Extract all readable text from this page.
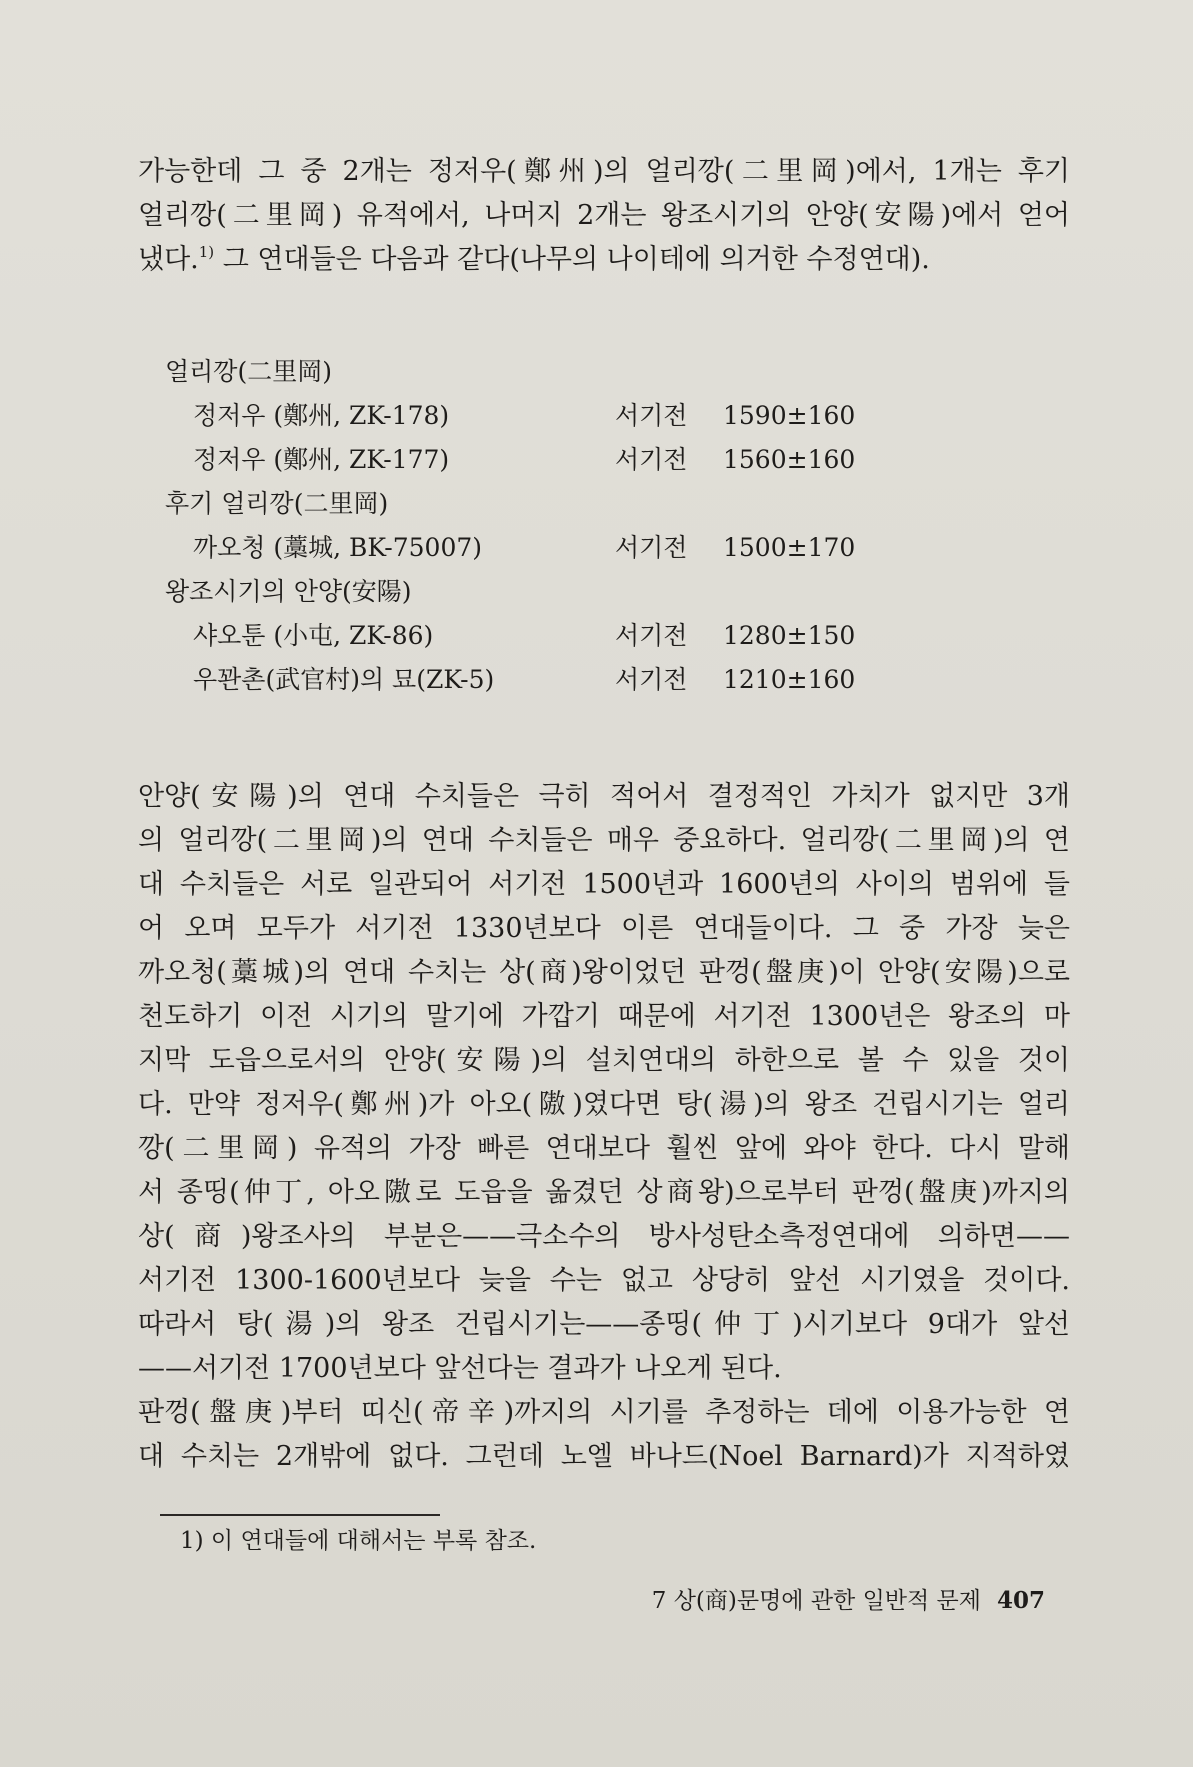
가능한데 그 중 2개는 정저우(鄭州)의 얼리깡(二里岡)에서, 1개는 후기
얼리깡(二里岡) 유적에서, 나머지 2개는 왕조시기의 안양(安陽)에서 얻어
냈다.$^{1)}$ 그 연대들은 다음과 같다(나무의 나이테에 의거한 수정연대).
얼리깡(二里岡)
정저우 (鄭州, ZK-178)	서기전 1590±160
정저우 (鄭州, ZK-177)	서기전 1560±160
후기 얼리깡(二里岡)
까오청 (藁城, BK-75007)	서기전 1500±170
왕조시기의 안양(安陽)
샤오툰 (小屯, ZK-86)	서기전 1280±150
우꽌촌(武官村)의 묘(ZK-5)	서기전 1210±160
안양(安陽)의 연대 수치들은 극히 적어서 결정적인 가치가 없지만 3개
의 얼리깡(二里岡)의 연대 수치들은 매우 중요하다. 얼리깡(二里岡)의 연
대 수치들은 서로 일관되어 서기전 1500년과 1600년의 사이의 범위에 들
어 오며 모두가 서기전 1330년보다 이른 연대들이다. 그 중 가장 늦은
까오청(藁城)의 연대 수치는 상(商)왕이었던 판껑(盤庚)이 안양(安陽)으로
천도하기 이전 시기의 말기에 가깝기 때문에 서기전 1300년은 왕조의 마
지막 도읍으로서의 안양(安陽)의 설치연대의 하한으로 볼 수 있을 것이
다. 만약 정저우(鄭州)가 아오(隞)였다면 탕(湯)의 왕조 건립시기는 얼리
깡(二里岡) 유적의 가장 빠른 연대보다 훨씬 앞에 와야 한다. 다시 말해
서 종띵(仲丁, 아오隞로 도읍을 옮겼던 상商왕)으로부터 판껑(盤庚)까지의
상(商)왕조사의 부분은——극소수의 방사성탄소측정연대에 의하면——
서기전 1300-1600년보다 늦을 수는 없고 상당히 앞선 시기였을 것이다.
따라서 탕(湯)의 왕조 건립시기는——종띵(仲丁)시기보다 9대가 앞선
——서기전 1700년보다 앞선다는 결과가 나오게 된다.
판껑(盤庚)부터 띠신(帝辛)까지의 시기를 추정하는 데에 이용가능한 연
대 수치는 2개밖에 없다. 그런데 노엘 바나드(Noel Barnard)가 지적하였
1) 이 연대들에 대해서는 부록 참조.
7 상(商)문명에 관한 일반적 문제 407
